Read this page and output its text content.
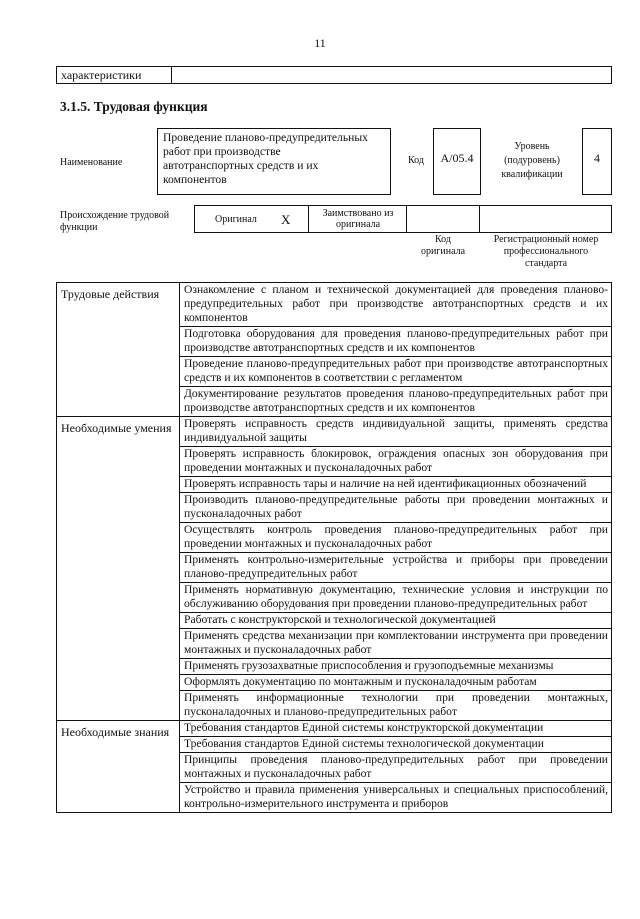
11
характеристики
3.1.5. Трудовая функция
Наименование
Проведение планово-предупредительных
работ при производстве
автотранспортных средств и их
компонентов
Код	A/05.4
Уровень
(подуровень)
квалификации
4
Происхождение трудовой
функции
Оригинал X	Заимствовано из
оригинала
Код
оригинала
Регистрационный номер
профессионального
стандарта
Трудовые действия	Ознакомление с планом и технической документацией для проведения планово-предупредительных работ при производстве автотранспортных средств и их компонентов
	Подготовка оборудования для проведения планово-предупредительных работ при производстве автотранспортных средств и их компонентов
	Проведение планово-предупредительных работ при производстве автотранспортных средств и их компонентов в соответствии с регламентом
	Документирование результатов проведения планово-предупредительных работ при производстве автотранспортных средств и их компонентов
Необходимые умения	Проверять исправность средств индивидуальной защиты, применять средства индивидуальной защиты
	Проверять исправность блокировок, ограждения опасных зон оборудования при проведении монтажных и пусконаладочных работ
	Проверять исправность тары и наличие на ней идентификационных обозначений
	Производить планово-предупредительные работы при проведении монтажных и пусконаладочных работ
	Осуществлять контроль проведения планово-предупредительных работ при проведении монтажных и пусконаладочных работ
	Применять контрольно-измерительные устройства и приборы при проведении планово-предупредительных работ
	Применять нормативную документацию, технические условия и инструкции по обслуживанию оборудования при проведении планово-предупредительных работ
	Работать с конструкторской и технологической документацией
	Применять средства механизации при комплектовании инструмента при проведении монтажных и пусконаладочных работ
	Применять грузозахватные приспособления и грузоподъемные механизмы
	Оформлять документацию по монтажным и пусконаладочным работам
	Применять информационные технологии при проведении монтажных, пусконаладочных и планово-предупредительных работ
Необходимые знания	Требования стандартов Единой системы конструкторской документации
	Требования стандартов Единой системы технологической документации
	Принципы проведения планово-предупредительных работ при проведении монтажных и пусконаладочных работ
	Устройство и правила применения универсальных и специальных приспособлений, контрольно-измерительного инструмента и приборов
